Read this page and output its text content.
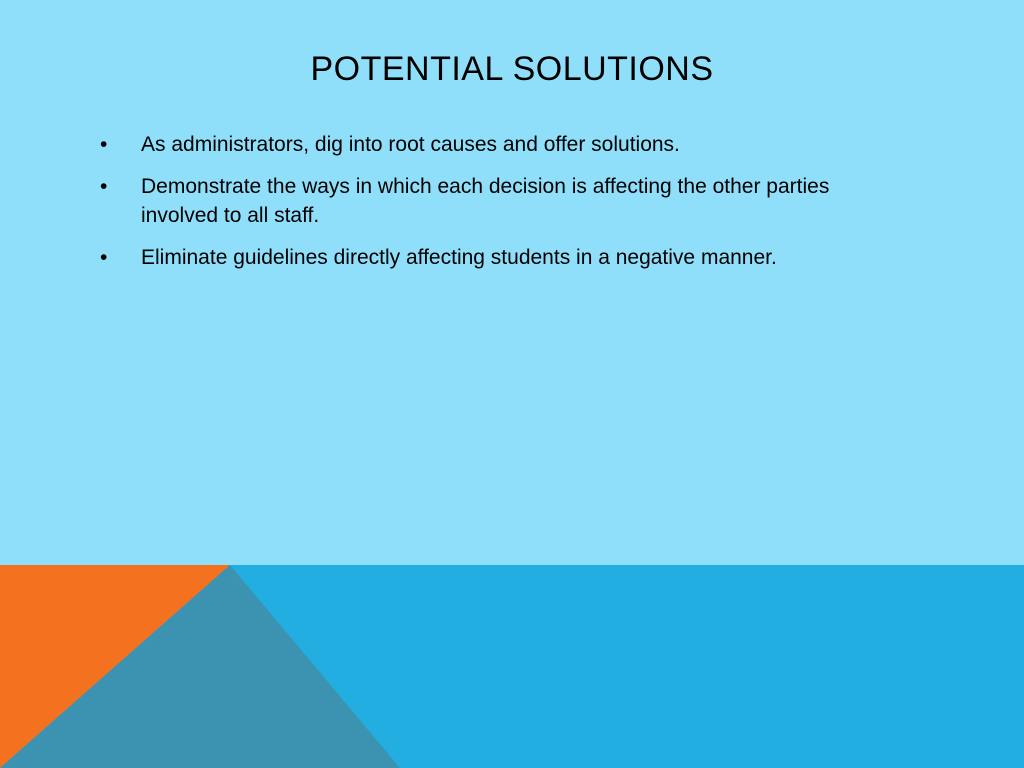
POTENTIAL SOLUTIONS
•	As administrators, dig into root causes and offer solutions.
•	Demonstrate the ways in which each decision is affecting the other parties involved to all staff.
•	Eliminate guidelines directly affecting students in a negative manner.
